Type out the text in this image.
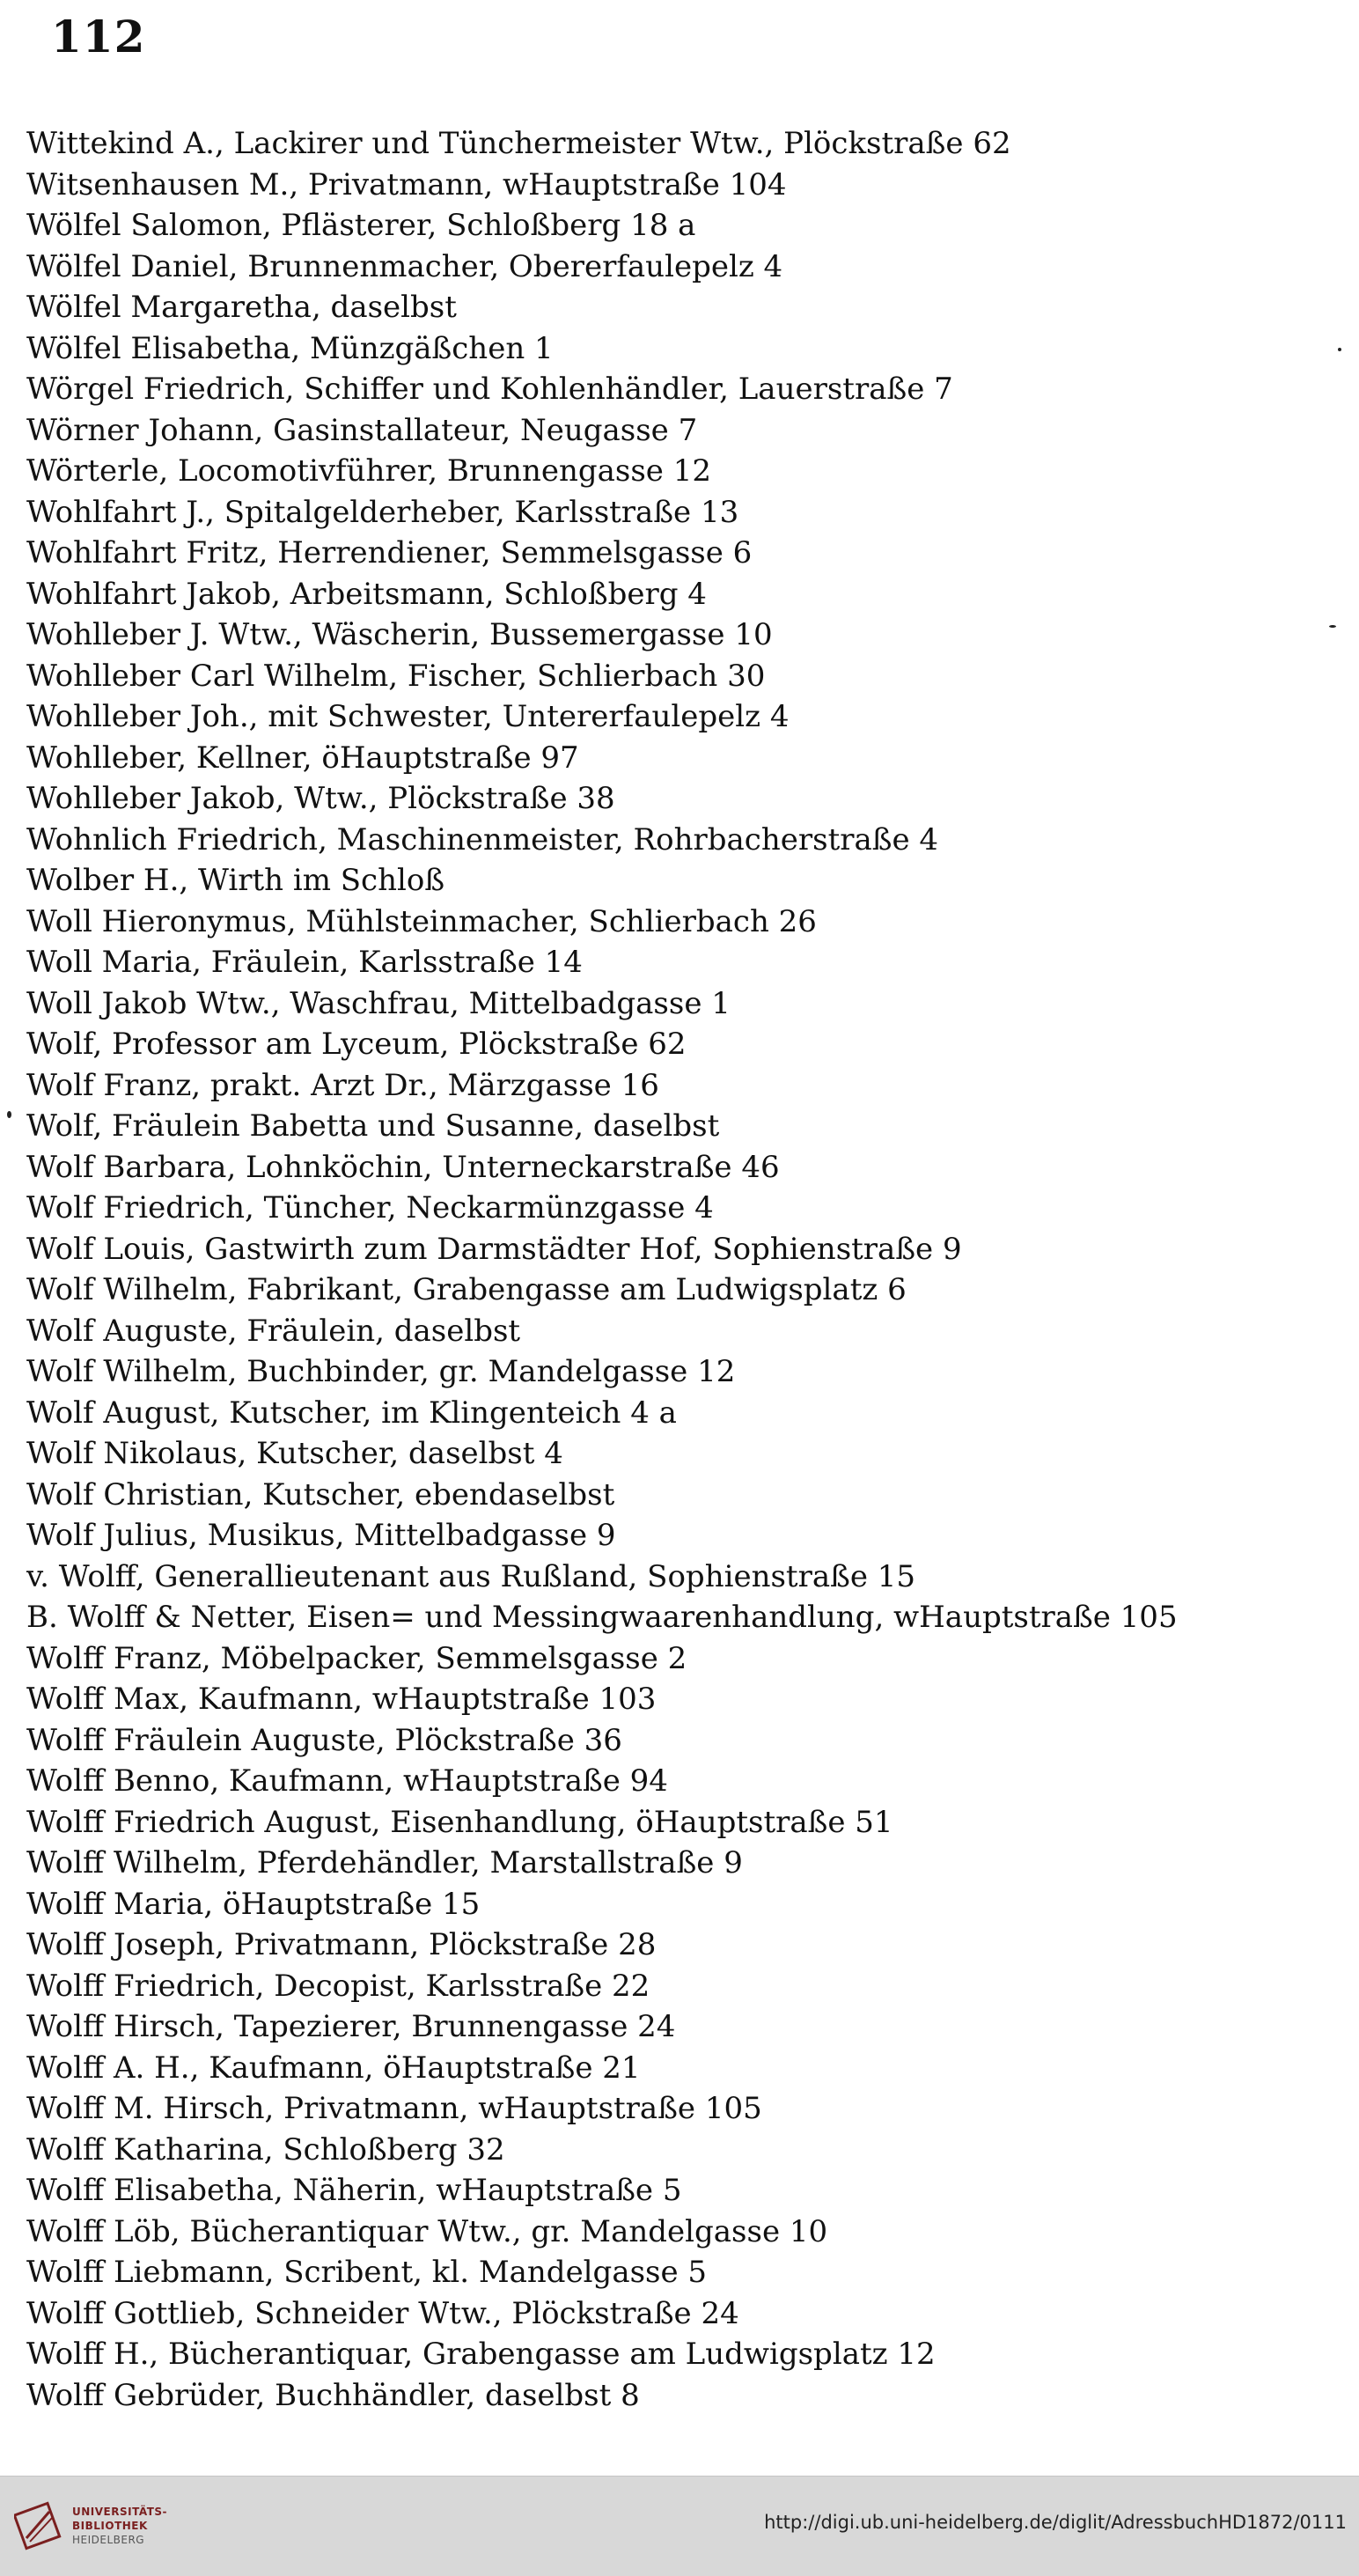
112
Wittekind A., Lackirer und Tünchermeister Wtw., Plöckstraße 62
Witsenhausen M., Privatmann, wHauptstraße 104
Wölfel Salomon, Pflästerer, Schloßberg 18 a
Wölfel Daniel, Brunnenmacher, Obererfaulepelz 4
Wölfel Margaretha, daselbst
Wölfel Elisabetha, Münzgäßchen 1
Wörgel Friedrich, Schiffer und Kohlenhändler, Lauerstraße 7
Wörner Johann, Gasinstallateur, Neugasse 7
Wörterle, Locomotivführer, Brunnengasse 12
Wohlfahrt J., Spitalgelderheber, Karlsstraße 13
Wohlfahrt Fritz, Herrendiener, Semmelsgasse 6
Wohlfahrt Jakob, Arbeitsmann, Schloßberg 4
Wohlleber J. Wtw., Wäscherin, Bussemergasse 10
Wohlleber Carl Wilhelm, Fischer, Schlierbach 30
Wohlleber Joh., mit Schwester, Untererfaulepelz 4
Wohlleber, Kellner, öHauptstraße 97
Wohlleber Jakob, Wtw., Plöckstraße 38
Wohnlich Friedrich, Maschinenmeister, Rohrbacherstraße 4
Wolber H., Wirth im Schloß
Woll Hieronymus, Mühlsteinmacher, Schlierbach 26
Woll Maria, Fräulein, Karlsstraße 14
Woll Jakob Wtw., Waschfrau, Mittelbadgasse 1
Wolf, Professor am Lyceum, Plöckstraße 62
Wolf Franz, prakt. Arzt Dr., Märzgasse 16
Wolf, Fräulein Babetta und Susanne, daselbst
Wolf Barbara, Lohnköchin, Unterneckarstraße 46
Wolf Friedrich, Tüncher, Neckarmünzgasse 4
Wolf Louis, Gastwirth zum Darmstädter Hof, Sophienstraße 9
Wolf Wilhelm, Fabrikant, Grabengasse am Ludwigsplatz 6
Wolf Auguste, Fräulein, daselbst
Wolf Wilhelm, Buchbinder, gr. Mandelgasse 12
Wolf August, Kutscher, im Klingenteich 4 a
Wolf Nikolaus, Kutscher, daselbst 4
Wolf Christian, Kutscher, ebendaselbst
Wolf Julius, Musikus, Mittelbadgasse 9
v. Wolff, Generallieutenant aus Rußland, Sophienstraße 15
B. Wolff & Netter, Eisen= und Messingwaarenhandlung, wHauptstraße 105
Wolff Franz, Möbelpacker, Semmelsgasse 2
Wolff Max, Kaufmann, wHauptstraße 103
Wolff Fräulein Auguste, Plöckstraße 36
Wolff Benno, Kaufmann, wHauptstraße 94
Wolff Friedrich August, Eisenhandlung, öHauptstraße 51
Wolff Wilhelm, Pferdehändler, Marstallstraße 9
Wolff Maria, öHauptstraße 15
Wolff Joseph, Privatmann, Plöckstraße 28
Wolff Friedrich, Decopist, Karlsstraße 22
Wolff Hirsch, Tapezierer, Brunnengasse 24
Wolff A. H., Kaufmann, öHauptstraße 21
Wolff M. Hirsch, Privatmann, wHauptstraße 105
Wolff Katharina, Schloßberg 32
Wolff Elisabetha, Näherin, wHauptstraße 5
Wolff Löb, Bücherantiquar Wtw., gr. Mandelgasse 10
Wolff Liebmann, Scribent, kl. Mandelgasse 5
Wolff Gottlieb, Schneider Wtw., Plöckstraße 24
Wolff H., Bücherantiquar, Grabengasse am Ludwigsplatz 12
Wolff Gebrüder, Buchhändler, daselbst 8
UNIVERSITÄTS-
BIBLIOTHEK
HEIDELBERG
http://digi.ub.uni-heidelberg.de/diglit/AdressbuchHD1872/0111
